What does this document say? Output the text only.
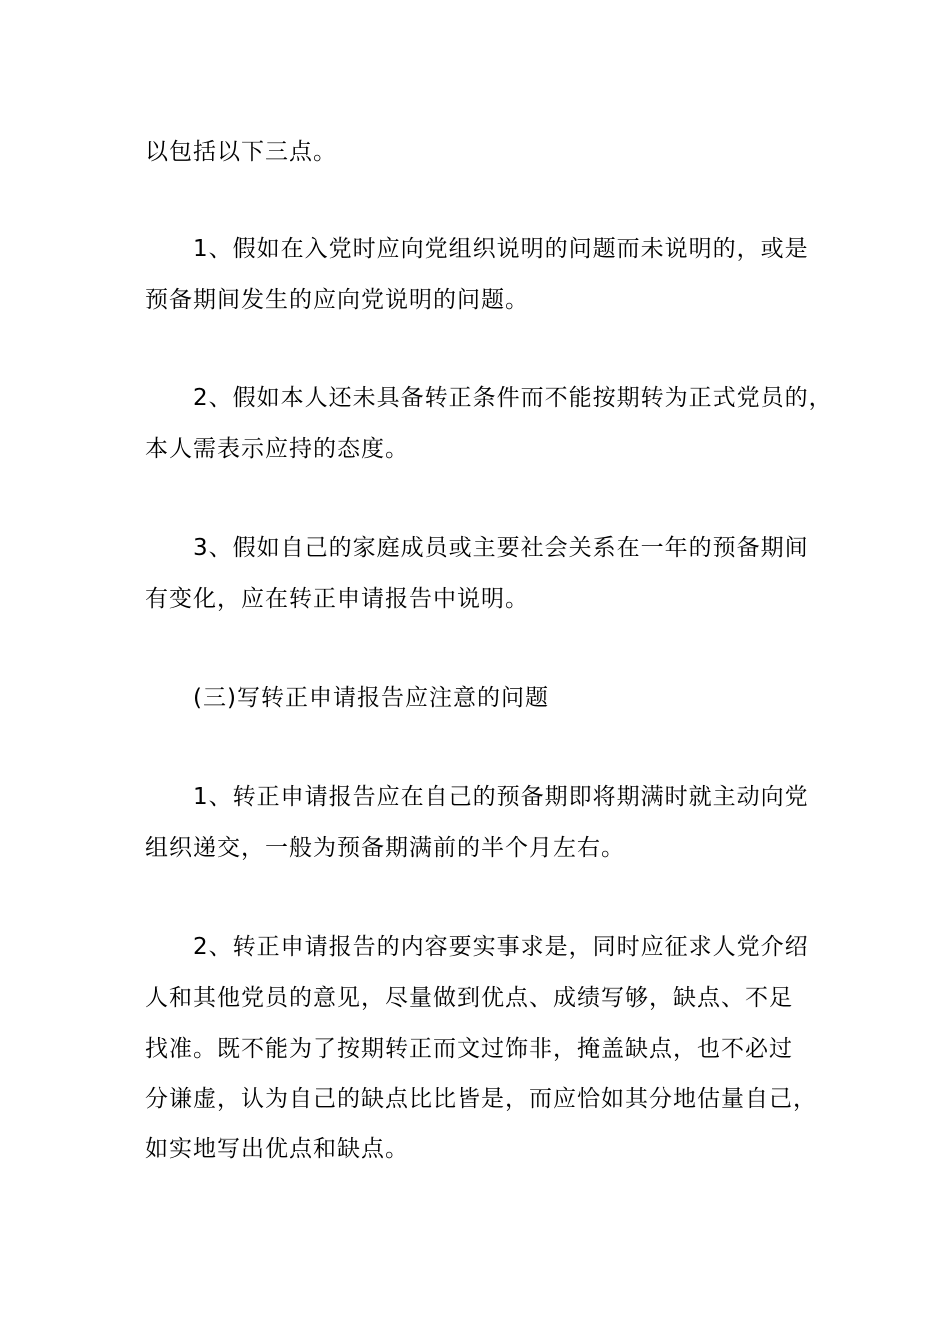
以包括以下三点。
1、假如在入党时应向党组织说明的问题而未说明的，或是
预备期间发生的应向党说明的问题。
2、假如本人还未具备转正条件而不能按期转为正式党员的，
本人需表示应持的态度。
3、假如自己的家庭成员或主要社会关系在一年的预备期间
有变化，应在转正申请报告中说明。
(三)写转正申请报告应注意的问题
1、转正申请报告应在自己的预备期即将期满时就主动向党
组织递交，一般为预备期满前的半个月左右。
2、转正申请报告的内容要实事求是，同时应征求人党介绍
人和其他党员的意见，尽量做到优点、成绩写够，缺点、不足
找准。既不能为了按期转正而文过饰非，掩盖缺点，也不必过
分谦虚，认为自己的缺点比比皆是，而应恰如其分地估量自己，
如实地写出优点和缺点。
